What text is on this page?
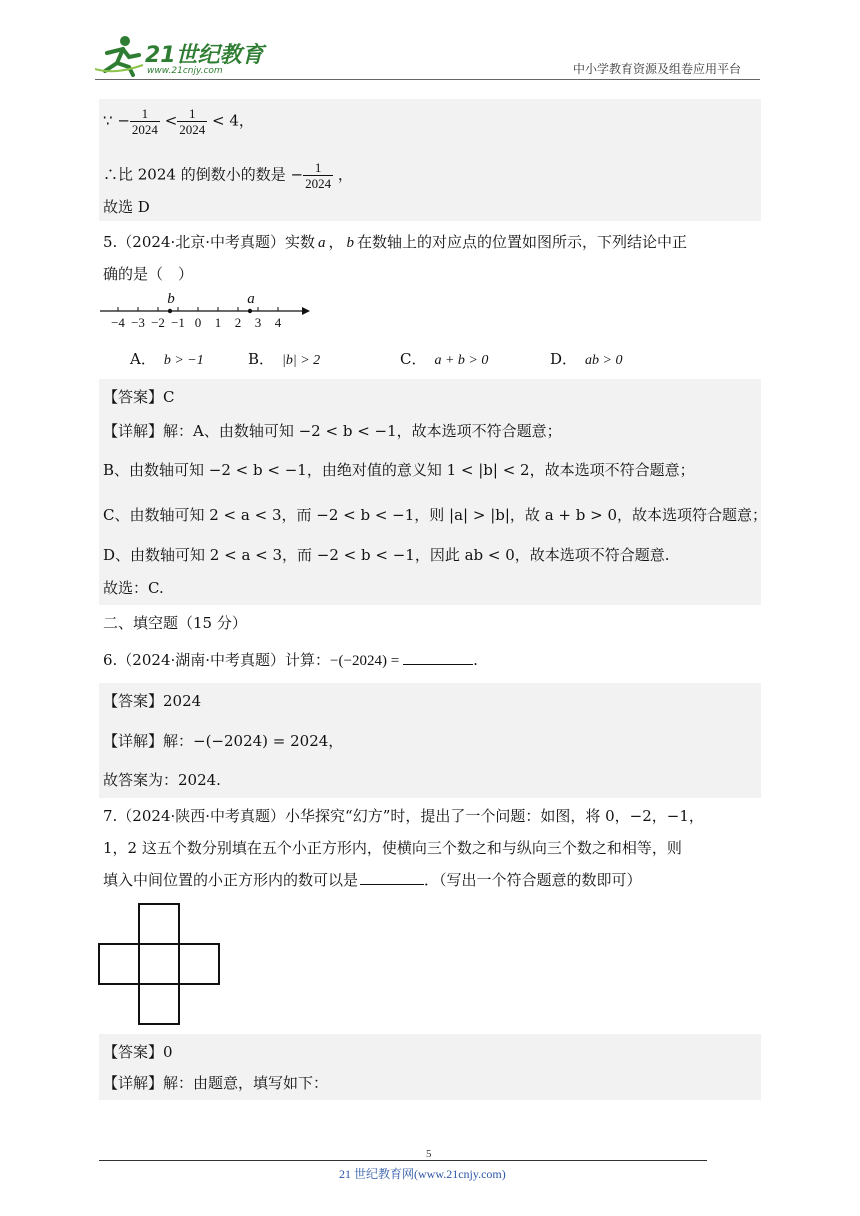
21世纪教育
www.21cnjy.com	中小学教育资源及组卷应用平台
∵ − $\frac{1}{2024} < \frac{1}{2024} < 4$，
∴比 2024 的倒数小的数是 − $\frac{1}{2024}$ ，
故选 D
5.（2024·北京·中考真题）实数 a ， b 在数轴上的对应点的位置如图所示，下列结论中正
确的是（　）
−4 −3 −2 −1 0 1 2 3 4
b	a
A． b > −1	B． |b| > 2	C． a + b > 0	D． ab > 0
【答案】C
【详解】解：A、由数轴可知 −2 < b < −1，故本选项不符合题意；
B、由数轴可知 −2 < b < −1，由绝对值的意义知 1 < |b| < 2，故本选项不符合题意；
C、由数轴可知 2 < a < 3，而 −2 < b < −1，则 |a| > |b|，故 a + b > 0，故本选项符合题意；
D、由数轴可知 2 < a < 3，而 −2 < b < −1，因此 ab < 0，故本选项不符合题意.
故选：C.
二、填空题（15 分）
6.（2024·湖南·中考真题）计算：−(−2024) =	.
【答案】2024
【详解】解：−(−2024) = 2024，
故答案为：2024.
7.（2024·陕西·中考真题）小华探究“幻方”时，提出了一个问题：如图，将 0，−2，−1，
1，2 这五个数分别填在五个小正方形内，使横向三个数之和与纵向三个数之和相等，则
填入中间位置的小正方形内的数可以是	．（写出一个符合题意的数即可）
【答案】0
【详解】解：由题意，填写如下：
5
21 世纪教育网(www.21cnjy.com)
